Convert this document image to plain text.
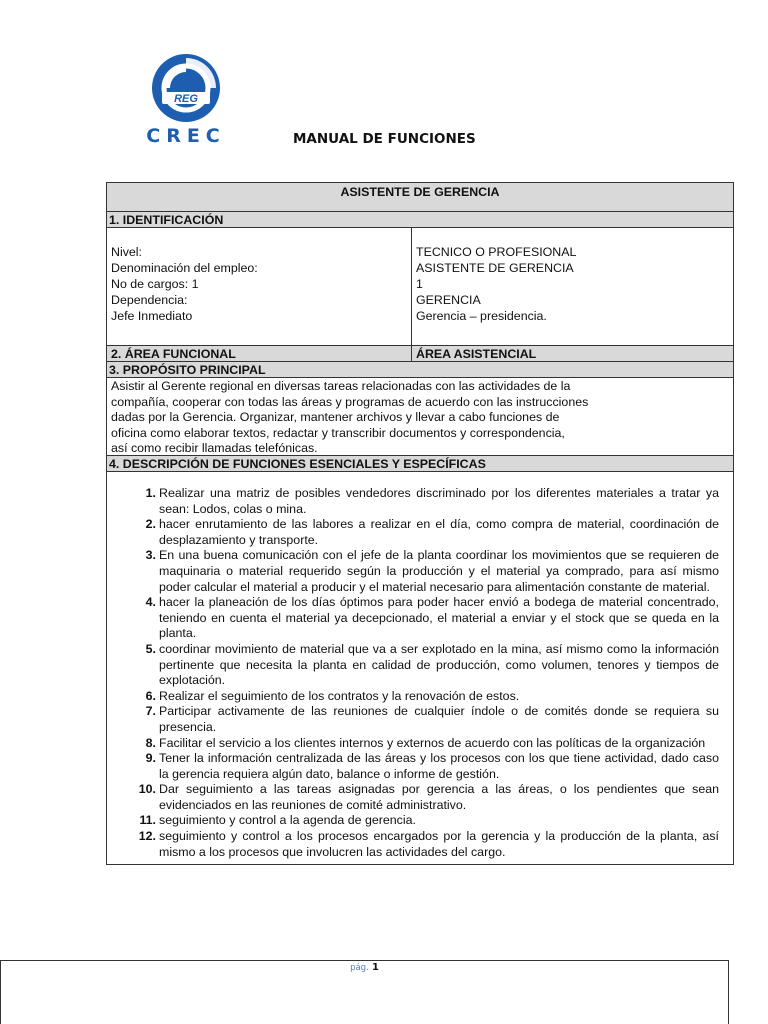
REG
CREC	MANUAL DE FUNCIONES
ASISTENTE DE GERENCIA
1. IDENTIFICACIÓN
Nivel:
Denominación del empleo:
No de cargos: 1
Dependencia:
Jefe Inmediato
TECNICO O PROFESIONAL
ASISTENTE DE GERENCIA
1
GERENCIA
Gerencia – presidencia.
2. ÁREA FUNCIONAL	ÁREA ASISTENCIAL
3. PROPÓSITO PRINCIPAL
Asistir al Gerente regional en diversas tareas relacionadas con las actividades de la
compañía, cooperar con todas las áreas y programas de acuerdo con las instrucciones
dadas por la Gerencia. Organizar, mantener archivos y llevar a cabo funciones de
oficina como elaborar textos, redactar y transcribir documentos y correspondencia,
así como recibir llamadas telefónicas.
4. DESCRIPCIÓN DE FUNCIONES ESENCIALES Y ESPECÍFICAS
1. Realizar una matriz de posibles vendedores discriminado por los diferentes materiales a tratar ya sean: Lodos, colas o mina.
2. hacer enrutamiento de las labores a realizar en el día, como compra de material, coordinación de desplazamiento y transporte.
3. En una buena comunicación con el jefe de la planta coordinar los movimientos que se requieren de maquinaria o material requerido según la producción y el material ya comprado, para así mismo poder calcular el material a producir y el material necesario para alimentación constante de material.
4. hacer la planeación de los días óptimos para poder hacer envió a bodega de material concentrado, teniendo en cuenta el material ya decepcionado, el material a enviar y el stock que se queda en la planta.
5. coordinar movimiento de material que va a ser explotado en la mina, así mismo como la información pertinente que necesita la planta en calidad de producción, como volumen, tenores y tiempos de explotación.
6. Realizar el seguimiento de los contratos y la renovación de estos.
7. Participar activamente de las reuniones de cualquier índole o de comités donde se requiera su presencia.
8. Facilitar el servicio a los clientes internos y externos de acuerdo con las políticas de la organización
9. Tener la información centralizada de las áreas y los procesos con los que tiene actividad, dado caso la gerencia requiera algún dato, balance o informe de gestión.
10. Dar seguimiento a las tareas asignadas por gerencia a las áreas, o los pendientes que sean evidenciados en las reuniones de comité administrativo.
11. seguimiento y control a la agenda de gerencia.
12. seguimiento y control a los procesos encargados por la gerencia y la producción de la planta, así mismo a los procesos que involucren las actividades del cargo.
pág. 1
